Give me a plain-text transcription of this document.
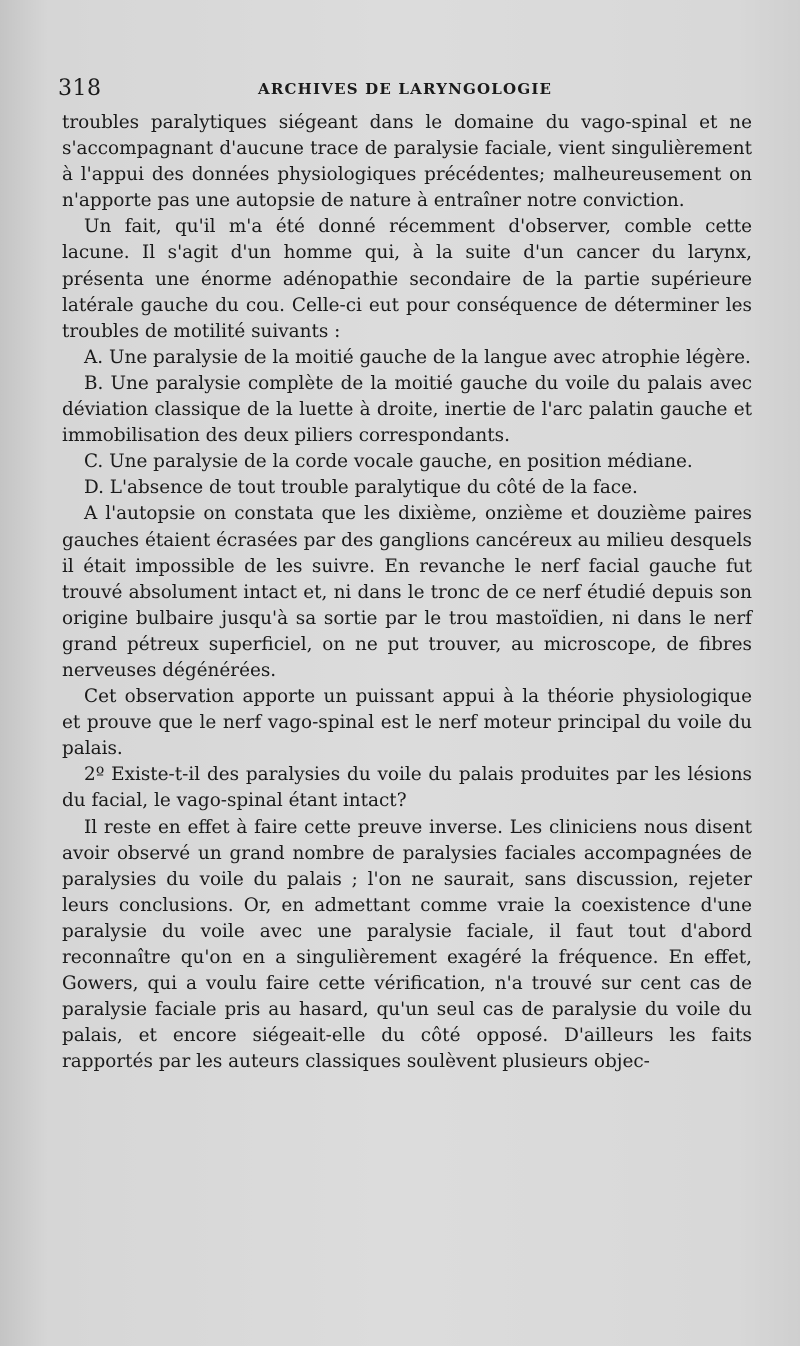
318	ARCHIVES DE LARYNGOLOGIE

troubles paralytiques siégeant dans le domaine du vago-spinal et ne s'accompagnant d'aucune trace de paralysie faciale, vient singulièrement à l'appui des données physiologiques précédentes; malheureusement on n'apporte pas une autopsie de nature à entraîner notre conviction.

Un fait, qu'il m'a été donné récemment d'observer, comble cette lacune. Il s'agit d'un homme qui, à la suite d'un cancer du larynx, présenta une énorme adénopathie secondaire de la partie supérieure latérale gauche du cou. Celle-ci eut pour conséquence de déterminer les troubles de motilité suivants :

A. Une paralysie de la moitié gauche de la langue avec atrophie légère.

B. Une paralysie complète de la moitié gauche du voile du palais avec déviation classique de la luette à droite, inertie de l'arc palatin gauche et immobilisation des deux piliers correspondants.

C. Une paralysie de la corde vocale gauche, en position médiane.

D. L'absence de tout trouble paralytique du côté de la face.

A l'autopsie on constata que les dixième, onzième et douzième paires gauches étaient écrasées par des ganglions cancéreux au milieu desquels il était impossible de les suivre. En revanche le nerf facial gauche fut trouvé absolument intact et, ni dans le tronc de ce nerf étudié depuis son origine bulbaire jusqu'à sa sortie par le trou mastoïdien, ni dans le nerf grand pétreux superficiel, on ne put trouver, au microscope, de fibres nerveuses dégénérées.

Cet observation apporte un puissant appui à la théorie physiologique et prouve que le nerf vago-spinal est le nerf moteur principal du voile du palais.

2º Existe-t-il des paralysies du voile du palais produites par les lésions du facial, le vago-spinal étant intact?

Il reste en effet à faire cette preuve inverse. Les cliniciens nous disent avoir observé un grand nombre de paralysies faciales accompagnées de paralysies du voile du palais ; l'on ne saurait, sans discussion, rejeter leurs conclusions. Or, en admettant comme vraie la coexistence d'une paralysie du voile avec une paralysie faciale, il faut tout d'abord reconnaître qu'on en a singulièrement exagéré la fréquence. En effet, Gowers, qui a voulu faire cette vérification, n'a trouvé sur cent cas de paralysie faciale pris au hasard, qu'un seul cas de paralysie du voile du palais, et encore siégeait-elle du côté opposé. D'ailleurs les faits rapportés par les auteurs classiques soulèvent plusieurs objec-
